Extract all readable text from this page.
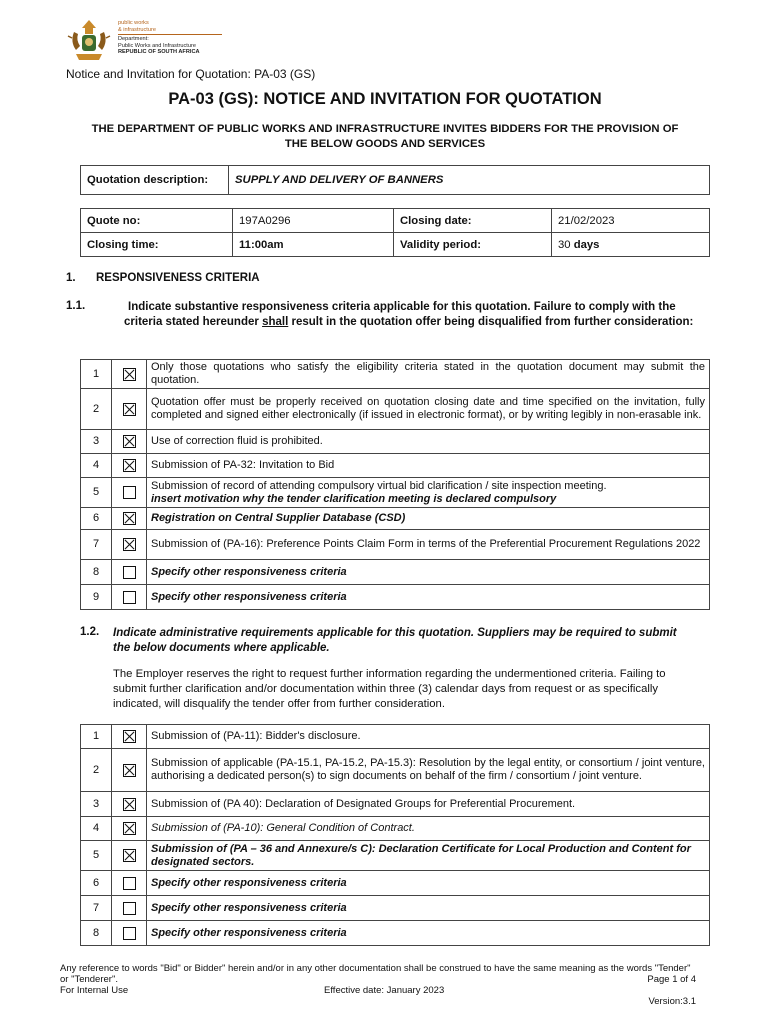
public works
& infrastructure
Department:
Public Works and Infrastructure
REPUBLIC OF SOUTH AFRICA
Notice and Invitation for Quotation: PA-03 (GS)
PA-03 (GS): NOTICE AND INVITATION FOR QUOTATION
THE DEPARTMENT OF PUBLIC WORKS AND INFRASTRUCTURE INVITES BIDDERS FOR THE PROVISION OF THE BELOW GOODS AND SERVICES
Quotation description:	SUPPLY AND DELIVERY OF BANNERS
Quote no:	197A0296	Closing date:	21/02/2023
Closing time:	11:00am	Validity period:	30 days
1. RESPONSIVENESS CRITERIA
1.1.	Indicate substantive responsiveness criteria applicable for this quotation. Failure to comply with the criteria stated hereunder shall result in the quotation offer being disqualified from further consideration:
1		Only those quotations who satisfy the eligibility criteria stated in the quotation document may submit the quotation.
2		Quotation offer must be properly received on quotation closing date and time specified on the invitation, fully completed and signed either electronically (if issued in electronic format), or by writing legibly in non-erasable ink.
3		Use of correction fluid is prohibited.
4		Submission of PA-32: Invitation to Bid
5		Submission of record of attending compulsory virtual bid clarification / site inspection meeting.
insert motivation why the tender clarification meeting is declared compulsory

6		Registration on Central Supplier Database (CSD)
7		Submission of (PA-16): Preference Points Claim Form in terms of the Preferential Procurement Regulations 2022
8		Specify other responsiveness criteria
9		Specify other responsiveness criteria
1.2. Indicate administrative requirements applicable for this quotation. Suppliers may be required to submit the below documents where applicable.
The Employer reserves the right to request further information regarding the undermentioned criteria. Failing to submit further clarification and/or documentation within three (3) calendar days from request or as specifically indicated, will disqualify the tender offer from further consideration.
1		Submission of (PA-11): Bidder's disclosure.
2		Submission of applicable (PA-15.1, PA-15.2, PA-15.3): Resolution by the legal entity, or consortium / joint venture, authorising a dedicated person(s) to sign documents on behalf of the firm / consortium / joint venture.
3		Submission of (PA 40): Declaration of Designated Groups for Preferential Procurement.
4		Submission of (PA-10): General Condition of Contract.
5		Submission of (PA – 36 and Annexure/s C): Declaration Certificate for Local Production and Content for designated sectors.
6		Specify other responsiveness criteria
7		Specify other responsiveness criteria
8		Specify other responsiveness criteria
Any reference to words "Bid" or Bidder" herein and/or in any other documentation shall be construed to have the same meaning as the words "Tender" or "Tenderer".	Page 1 of 4
For Internal Use	Effective date: January 2023
Version:3.1
